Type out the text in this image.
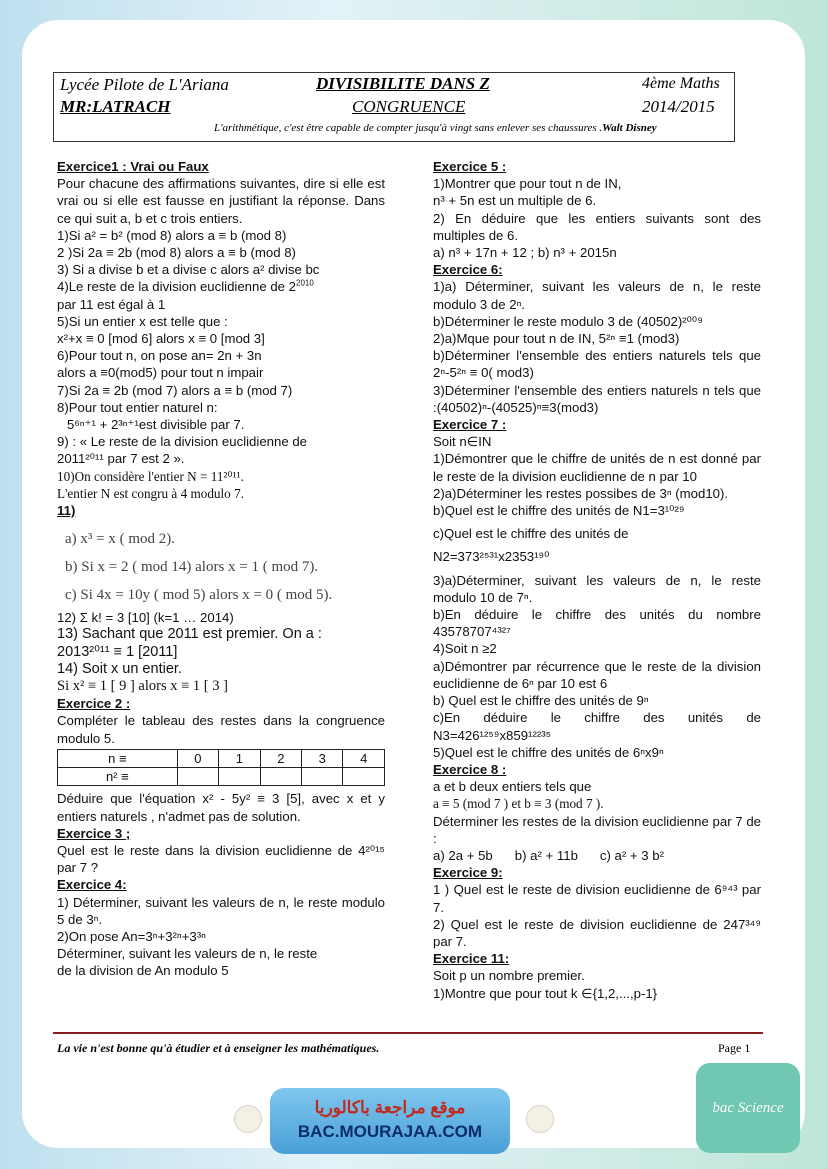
Lycée Pilote de L'Ariana	DIVISIBILITE DANS Z	4ème Maths
MR:LATRACH	CONGRUENCE	2014/2015
L'arithmétique, c'est être capable de compter jusqu'à vingt sans enlever ses chaussures .Walt Disney

Exercice1 : Vrai ou Faux

Pour chacune des affirmations suivantes, dire si elle est vrai ou si elle est fausse en justifiant la réponse. Dans ce qui suit a, b et c trois entiers.

1)Si a² = b² (mod 8) alors a ≡ b (mod 8)

2 )Si 2a ≡ 2b (mod 8) alors a ≡ b (mod 8)

3) Si a divise b et a divise c alors a² divise bc

4)Le reste de la division euclidienne de $2^{2010}$

par 11 est égal à 1

5)Si un entier x est telle que :

x²+x ≡ 0 [mod 6] alors x ≡ 0 [mod 3]

6)Pour tout n, on pose an= 2n + 3n

alors a ≡0(mod5) pour tout n impair

7)Si 2a ≡ 2b (mod 7) alors a ≡ b (mod 7)

8)Pour tout entier naturel n:

5⁶ⁿ⁺¹ + 2³ⁿ⁺¹est divisible par 7.

9) : « Le reste de la division euclidienne de

2011²⁰¹¹ par 7 est 2 ».

10)On considère l'entier N = 11²⁰¹¹.

L'entier N est congru à 4 modulo 7.

11)

a) x³ = x ( mod 2).
b) Si x = 2 ( mod 14) alors x = 1 ( mod 7).
c) Si 4x = 10y ( mod 5) alors x = 0 ( mod 5).

12) Σ k! = 3 [10] (k=1 … 2014)

13) Sachant que 2011 est premier. On a :

2013²⁰¹¹ ≡ 1 [2011]

14) Soit x un entier.

Si x² ≡ 1 [ 9 ] alors x ≡ 1 [ 3 ]

Exercice 2 :

Compléter le tableau des restes dans la congruence modulo 5.

n ≡	0	1	2	3	4
n² ≡					

Déduire que l'équation x² - 5y² ≡ 3 [5], avec x et y entiers naturels , n'admet pas de solution.

Exercice 3 ;

Quel est le reste dans la division euclidienne de 4²⁰¹⁵ par 7 ?

Exercice 4:

1) Déterminer, suivant les valeurs de n, le reste modulo 5 de 3ⁿ.

2)On pose An=3ⁿ+3²ⁿ+3³ⁿ

Déterminer, suivant les valeurs de n, le reste

de la division de An modulo 5

Exercice 5 :

1)Montrer que pour tout n de IN,

n³ + 5n est un multiple de 6.

2) En déduire que les entiers suivants sont des multiples de 6.

a) n³ + 17n + 12 ; b) n³ + 2015n

Exercice 6:

1)a) Déterminer, suivant les valeurs de n, le reste modulo 3 de 2ⁿ.

b)Déterminer le reste modulo 3 de (40502)²⁰⁰⁹

2)a)Mque pour tout n de IN, 5²ⁿ ≡1 (mod3)

b)Déterminer l'ensemble des entiers naturels tels que 2ⁿ-5²ⁿ ≡ 0( mod3)

3)Déterminer l'ensemble des entiers naturels n tels que :(40502)ⁿ-(40525)ⁿ≡3(mod3)

Exercice 7 :

Soit n∈IN

1)Démontrer que le chiffre de unités de n est donné par le reste de la division euclidienne de n par 10

2)a)Déterminer les restes possibes de 3ⁿ (mod10).

b)Quel est le chiffre des unités de N1=3¹⁰²⁹

c)Quel est le chiffre des unités de

N2=373²⁵³¹x2353¹⁹⁰

3)a)Déterminer, suivant les valeurs de n, le reste modulo 10 de 7ⁿ.

b)En déduire le chiffre des unités du nombre 43578707⁴³²⁷

4)Soit n ≥2

a)Démontrer par récurrence que le reste de la division euclidienne de 6ⁿ par 10 est 6

b) Quel est le chiffre des unités de 9ⁿ

c)En déduire le chiffre des unités de N3=426¹²⁵⁹x859¹²²³⁵

5)Quel est le chiffre des unités de 6ⁿx9ⁿ

Exercice 8 :

a et b deux entiers tels que

a ≡ 5 (mod 7 ) et b ≡ 3 (mod 7 ).

Déterminer les restes de la division euclidienne par 7 de :

a) 2a + 5b      b) a² + 11b      c) a² + 3 b²

Exercice 9:

1 ) Quel est le reste de division euclidienne de 6⁹⁴³ par 7.

2) Quel est le reste de division euclidienne de 247³⁴⁹ par 7.

Exercice 11:

Soit p un nombre premier.

1)Montre que pour tout k ∈{1,2,...,p-1}

La vie n'est bonne qu'à étudier et à enseigner les mathématiques.	Page 1
موقع مراجعة باكالوريا
BAC.MOURAJAA.COM
bac Science
